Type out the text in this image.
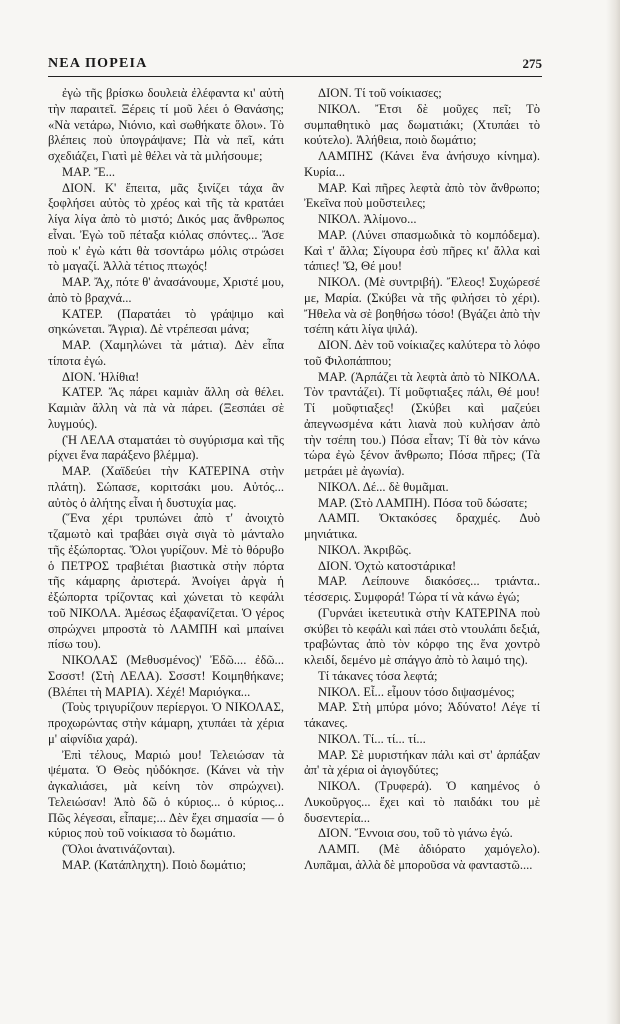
ΝΕΑ ΠΟΡΕΙΑ	275

ἐγὼ τῆς βρίσκω δουλειὰ ἐλέφαντα κι' αὐτὴ τὴν παραιτεῖ. Ξέρεις τί μοῦ λέει ὁ Θανάσης; «Νὰ νετάρω, Νιόνιο, καὶ σωθήκατε ὅλοι». Τὸ βλέπεις ποὺ ὑπογράψανε; Πὰ νὰ πεῖ, κάτι σχεδιάζει, Γιατὶ μὲ θέλει νὰ τὰ μιλήσουμε;

ΜΑΡ. Ἔ...

ΔΙΟΝ. Κ' ἔπειτα, μᾶς ξινίζει τάχα ἂν ξοφλήσει αὐτὸς τὸ χρέος καὶ τῆς τὰ κρατάει λίγα λίγα ἀπὸ τὸ μιστό; Δικός μας ἄνθρωπος εἶναι. Ἐγὼ τοῦ πέταξα κιόλας σπόντες... Ἄσε ποὺ κ' ἐγὼ κάτι θὰ τσοντάρω μόλις στρώσει τὸ μαγαζί. Ἀλλὰ τέτιος πτωχός!

ΜΑΡ. Ἄχ, πότε θ' ἀνασάνουμε, Χριστέ μου, ἀπὸ τὸ βραχνά...

ΚΑΤΕΡ. (Παρατάει τὸ γράψιμο καὶ σηκώνεται. Ἄγρια). Δὲ ντρέπεσαι μάνα;

ΜΑΡ. (Χαμηλώνει τὰ μάτια). Δὲν εἶπα τίποτα ἐγώ.

ΔΙΟΝ. Ἠλίθια!

ΚΑΤΕΡ. Ἄς πάρει καμιὰν ἄλλη σὰ θέλει. Καμιὰν ἄλλη νὰ πὰ νὰ πάρει. (Ξεσπάει σὲ λυγμούς).

(Ἡ ΛΕΛΑ σταματάει τὸ συγύρισμα καὶ τῆς ρίχνει ἕνα παράξενο βλέμμα).

ΜΑΡ. (Χαϊδεύει τὴν ΚΑΤΕΡΙΝΑ στὴν πλάτη). Σώπασε, κοριτσάκι μου. Αὐτός... αὐτὸς ὁ ἀλήτης εἶναι ἡ δυστυχία μας.

(Ἕνα χέρι τρυπώνει ἀπὸ τ' ἀνοιχτὸ τζαμωτὸ καὶ τραβάει σιγὰ σιγὰ τὸ μάνταλο τῆς ἐξώπορτας. Ὅλοι γυρίζουν. Μὲ τὸ θόρυβο ὁ ΠΕΤΡΟΣ τραβιέται βιαστικὰ στὴν πόρτα τῆς κάμαρης ἀριστερά. Ἀνοίγει ἀργὰ ἡ ἐξώπορτα τρίζοντας καὶ χώνεται τὸ κεφάλι τοῦ ΝΙΚΟΛΑ. Ἀμέσως ἐξαφανίζεται. Ὁ γέρος σπρώχνει μπροστὰ τὸ ΛΑΜΠΗ καὶ μπαίνει πίσω του).

ΝΙΚΟΛΑΣ (Μεθυσμένος)' Ἐδῶ.... ἐδῶ... Σσσστ! (Στὴ ΛΕΛΑ). Σσσστ! Κοιμηθήκανε; (Βλέπει τὴ ΜΑΡΙΑ). Χέχέ! Μαριόγκα...

(Τοὺς τριγυρίζουν περίεργοι. Ὁ ΝΙΚΟΛΑΣ, προχωρώντας στὴν κάμαρη, χτυπάει τὰ χέρια μ' αἰφνίδια χαρά).

Ἐπὶ τέλους, Μαριώ μου! Τελειώσαν τὰ ψέματα. Ὁ Θεὸς ηὐδόκησε. (Κάνει νὰ τὴν ἀγκαλιάσει, μὰ κείνη τὸν σπρώχνει). Τελειώσαν! Ἀπὸ δῶ ὁ κύριος... ὁ κύριος... Πῶς λέγεσαι, εἶπαμε;... Δὲν ἔχει σημασία — ὁ κύριος ποὺ τοῦ νοίκιασα τὸ δωμάτιο.

(Ὅλοι ἀνατινάζονται).

ΜΑΡ. (Κατάπληχτη). Ποιὸ δωμάτιο;

ΔΙΟΝ. Τί τοῦ νοίκιασες;

ΝΙΚΟΛ. Ἔτσι δὲ μοῦχες πεῖ; Τὸ συμπαθητικὸ μας δωματιάκι; (Χτυπάει τὸ κούτελο). Ἀλήθεια, ποιὸ δωμάτιο;

ΛΑΜΠΗΣ (Κάνει ἕνα ἀνήσυχο κίνημα). Κυρία...

ΜΑΡ. Καὶ πῆρες λεφτὰ ἀπὸ τὸν ἄνθρωπο; Ἐκεῖνα ποὺ μοῦστειλες;

ΝΙΚΟΛ. Ἀλίμονο...

ΜΑΡ. (Λύνει σπασμωδικὰ τὸ κομπόδεμα). Καὶ τ' ἄλλα; Σίγουρα ἐσὺ πῆρες κι' ἄλλα καὶ τάπιες! Ὤ, Θέ μου!

ΝΙΚΟΛ. (Μὲ συντριβή). Ἔλεος! Συχώρεσέ με, Μαρία. (Σκύβει νὰ τῆς φιλήσει τὸ χέρι). Ἤθελα νὰ σὲ βοηθήσω τόσο! (Βγάζει ἀπὸ τὴν τσέπη κάτι λίγα ψιλά).

ΔΙΟΝ. Δὲν τοῦ νοίκιαζες καλύτερα τὸ λόφο τοῦ Φιλοπάππου;

ΜΑΡ. (Ἁρπάζει τὰ λεφτὰ ἀπὸ τὸ ΝΙΚΟΛΑ. Τὸν τραντάζει). Τί μοῦφτιαξες πάλι, Θέ μου! Τί μοῦφτιαξες! (Σκύβει καὶ μαζεύει ἀπεγνωσμένα κάτι λιανὰ ποὺ κυλήσαν ἀπὸ τὴν τσέπη του.) Πόσα εἶταν; Τί θὰ τὸν κάνω τώρα ἐγὼ ξένον ἄνθρωπο; Πόσα πῆρες; (Τὰ μετράει μὲ ἀγωνία).

ΝΙΚΟΛ. Δέ... δὲ θυμᾶμαι.

ΜΑΡ. (Στὸ ΛΑΜΠΗ). Πόσα τοῦ δώσατε;

ΛΑΜΠ. Ὀκτακόσες δραχμές. Δυὸ μηνιάτικα.

ΝΙΚΟΛ. Ἀκριβῶς.

ΔΙΟΝ. Ὀχτὼ κατοστάρικα!

ΜΑΡ. Λείπουνε διακόσες... τριάντα.. τέσσερις. Συμφορά! Τώρα τί νὰ κάνω ἐγώ;

(Γυρνάει ἱκετευτικὰ στὴν ΚΑΤΕΡΙΝΑ ποὺ σκύβει τὸ κεφάλι καὶ πάει στὸ ντουλάπι δεξιά, τραβώντας ἀπὸ τὸν κόρφο της ἕνα χοντρὸ κλειδί, δεμένο μὲ σπάγγο ἀπὸ τὸ λαιμό της).

Τί τάκανες τόσα λεφτά;

ΝΙΚΟΛ. Εἶ... εἶμουν τόσο διψασμένος;

ΜΑΡ. Στὴ μπύρα μόνο; Ἀδύνατο! Λέγε τί τάκανες.

ΝΙΚΟΛ. Τί... τί... τί...

ΜΑΡ. Σὲ μυριστήκαν πάλι καὶ στ' ἁρπάξαν ἀπ' τὰ χέρια οἱ ἀγιογδύτες;

ΝΙΚΟΛ. (Τρυφερά). Ὁ καημένος ὁ Λυκοῦργος... ἔχει καὶ τὸ παιδάκι του μὲ δυσεντερία...

ΔΙΟΝ. Ἔννοια σου, τοῦ τὸ γιάνω ἐγώ.

ΛΑΜΠ. (Μὲ ἀδιόρατο χαμόγελο). Λυπᾶμαι, ἀλλὰ δὲ μποροῦσα νὰ φανταστῶ....
